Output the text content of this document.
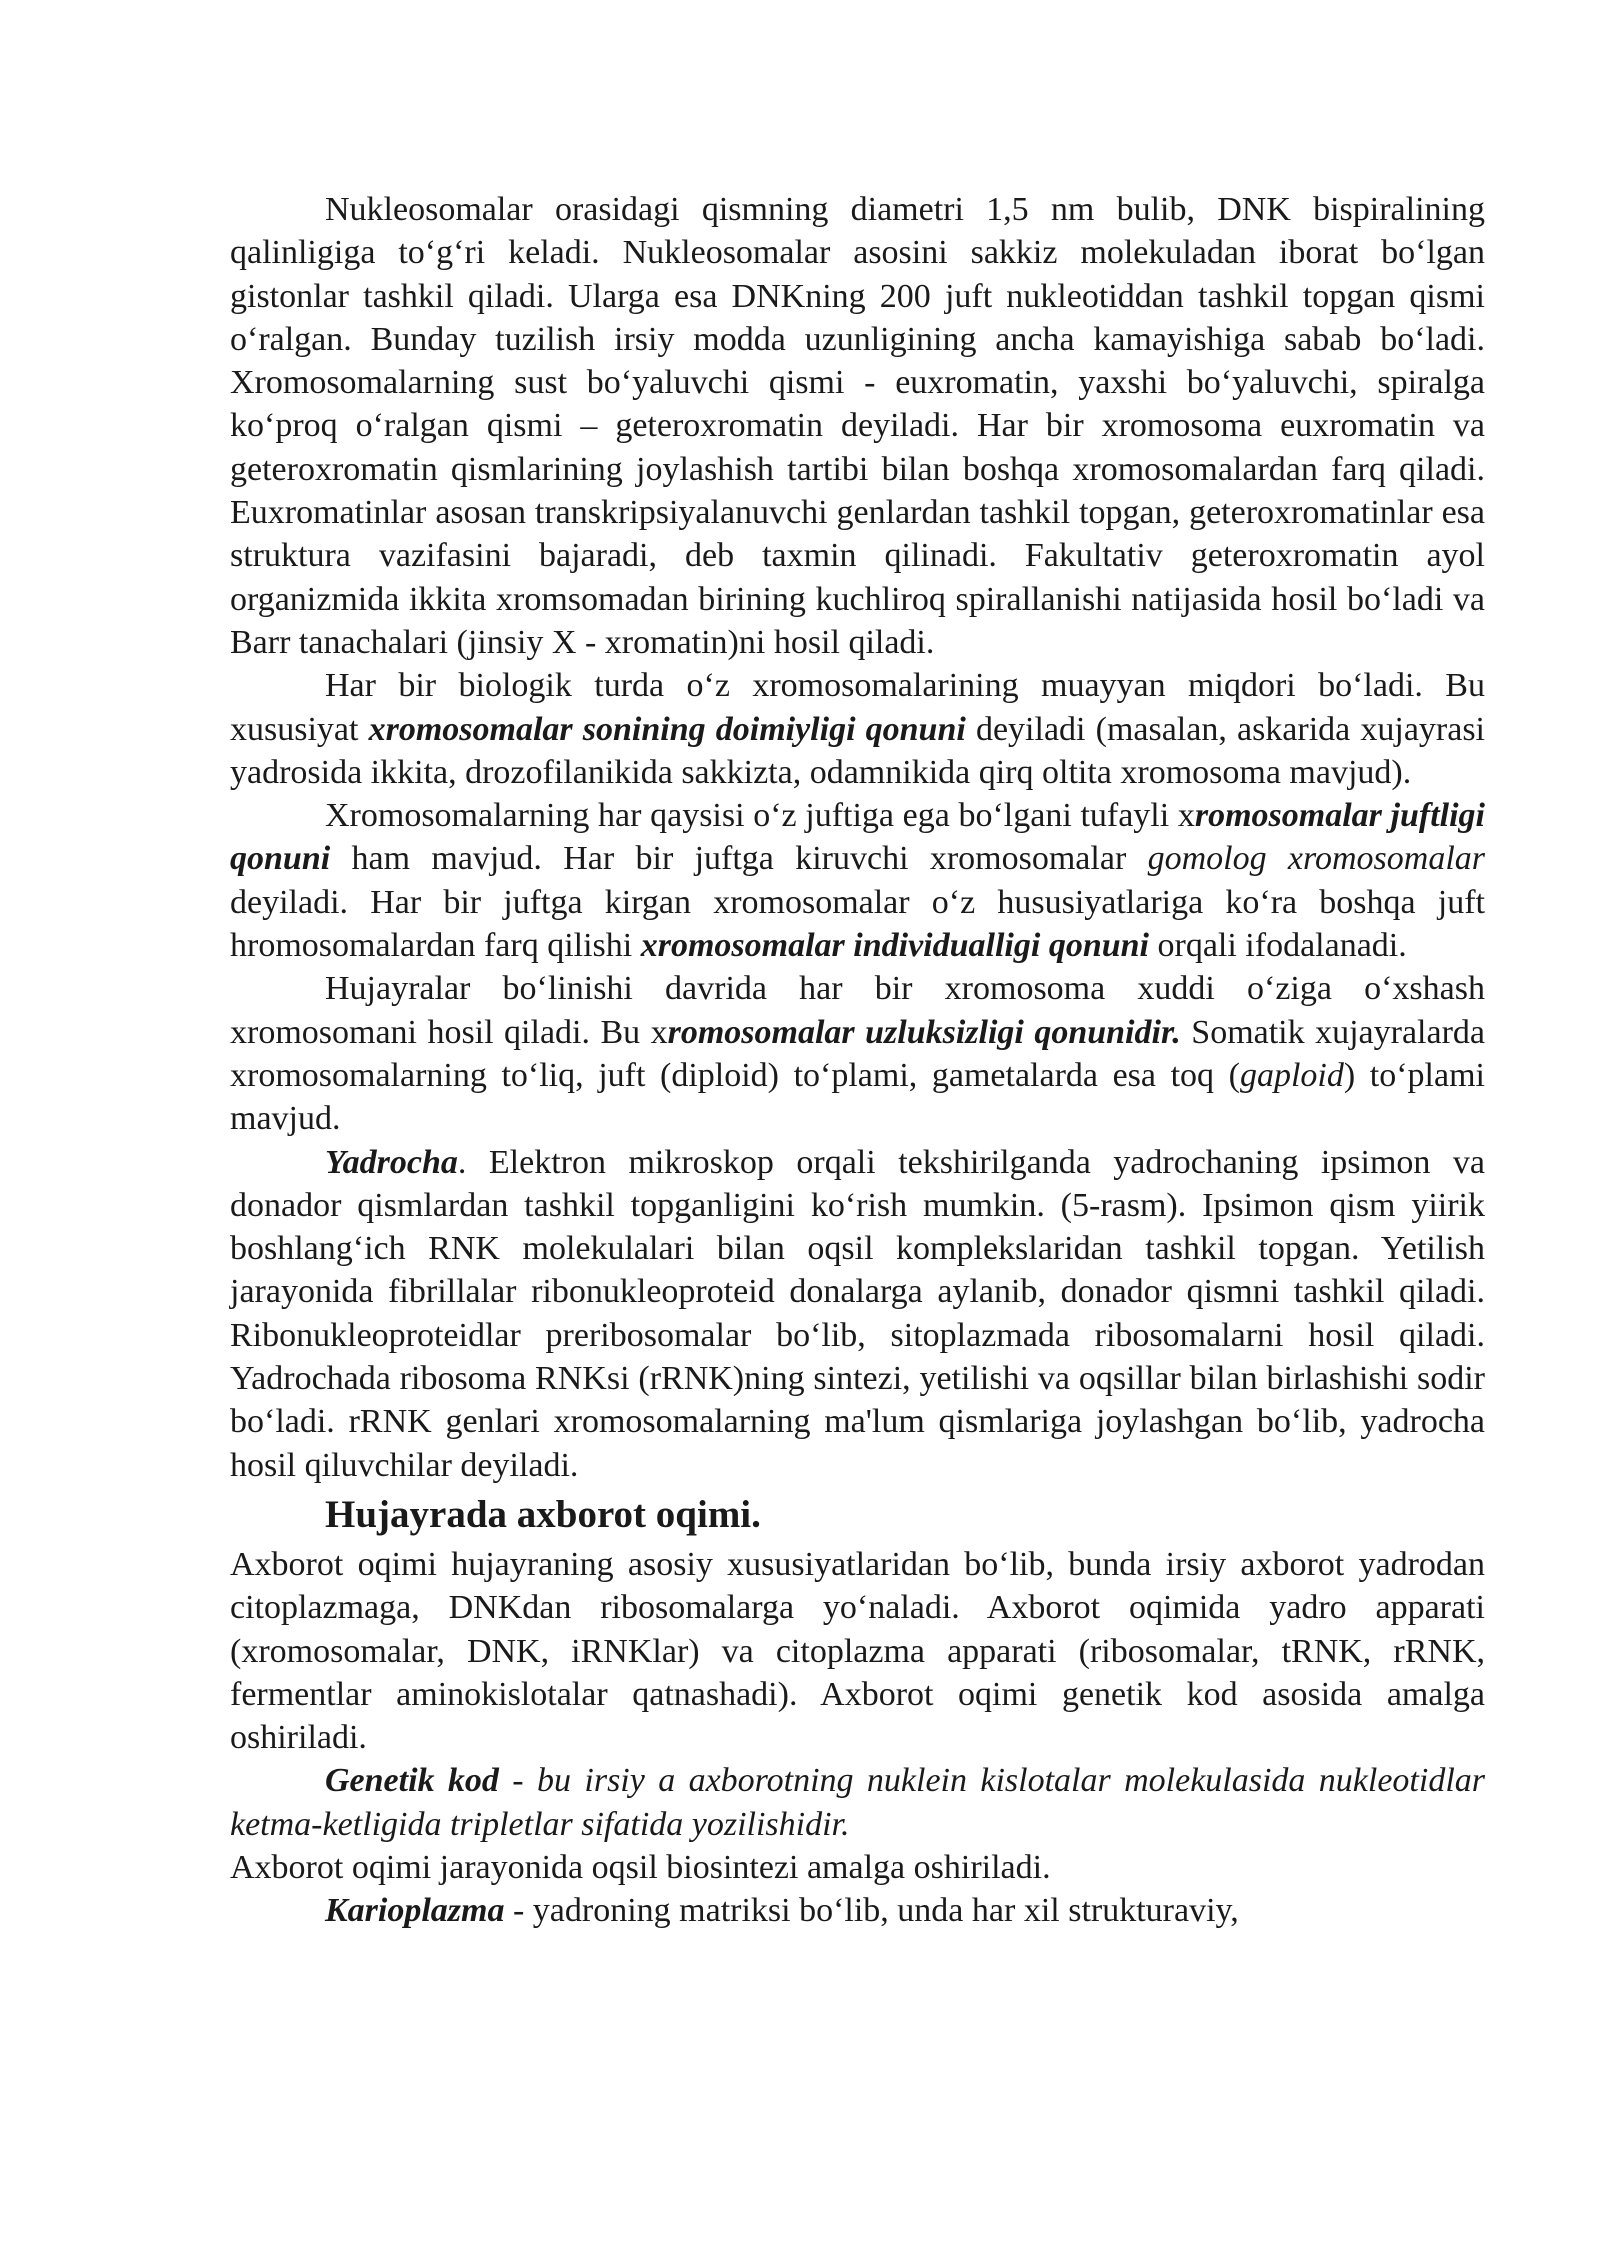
Nukleosomalar orasidagi qismning diametri 1,5 nm bulib, DNK bispiralining qalinligiga to‘g‘ri keladi. Nukleosomalar asosini sakkiz molekuladan iborat bo‘lgan gistonlar tashkil qiladi. Ularga esa DNKning 200 juft nukleotiddan tashkil topgan qismi o‘ralgan. Bunday tuzilish irsiy modda uzunligining ancha kamayishiga sabab bo‘ladi. Xromosomalarning sust bo‘yaluvchi qismi - euxromatin, yaxshi bo‘yaluvchi, spiralga ko‘proq o‘ralgan qismi – geteroxromatin deyiladi. Har bir xromosoma euxromatin va geteroxromatin qismlarining joylashish tartibi bilan boshqa xromosomalardan farq qiladi. Euxromatinlar asosan transkripsiyalanuvchi genlardan tashkil topgan, geteroxromatinlar esa struktura vazifasini bajaradi, deb taxmin qilinadi. Fakultativ geteroxromatin ayol organizmida ikkita xromsomadan birining kuchliroq spirallanishi natijasida hosil bo‘ladi va Barr tanachalari (jinsiy X - xromatin)ni hosil qiladi.

Har bir biologik turda o‘z xromosomalarining muayyan miqdori bo‘ladi. Bu xususiyat xromosomalar sonining doimiyligi qonuni deyiladi (masalan, askarida xujayrasi yadrosida ikkita, drozofilanikida sakkizta, odamnikida qirq oltita xromosoma mavjud).

Xromosomalarning har qaysisi o‘z juftiga ega bo‘lgani tufayli xromosomalar juftligi qonuni ham mavjud. Har bir juftga kiruvchi xromosomalar gomolog xromosomalar deyiladi. Har bir juftga kirgan xromosomalar o‘z hususiyatlariga ko‘ra boshqa juft hromosomalardan farq qilishi xromosomalar individualligi qonuni orqali ifodalanadi.

Hujayralar bo‘linishi davrida har bir xromosoma xuddi o‘ziga o‘xshash xromosomani hosil qiladi. Bu xromosomalar uzluksizligi qonunidir. Somatik xujayralarda xromosomalarning to‘liq, juft (diploid) to‘plami, gametalarda esa toq (gaploid) to‘plami mavjud.

Yadrocha. Elektron mikroskop orqali tekshirilganda yadrochaning ipsimon va donador qismlardan tashkil topganligini ko‘rish mumkin. (5-rasm). Ipsimon qism yiirik boshlang‘ich RNK molekulalari bilan oqsil komplekslaridan tashkil topgan. Yetilish jarayonida fibrillalar ribonukleoproteid donalarga aylanib, donador qismni tashkil qiladi. Ribonukleoproteidlar preribosomalar bo‘lib, sitoplazmada ribosomalarni hosil qiladi. Yadrochada ribosoma RNKsi (rRNK)ning sintezi, yetilishi va oqsillar bilan birlashishi sodir bo‘ladi. rRNK genlari xromosomalarning ma'lum qismlariga joylashgan bo‘lib, yadrocha hosil qiluvchilar deyiladi.

Hujayrada axborot oqimi.

Axborot oqimi hujayraning asosiy xususiyatlaridan bo‘lib, bunda irsiy axborot yadrodan citoplazmaga, DNKdan ribosomalarga yo‘naladi. Axborot oqimida yadro apparati (xromosomalar, DNK, iRNKlar) va citoplazma apparati (ribosomalar, tRNK, rRNK, fermentlar aminokislotalar qatnashadi). Axborot oqimi genetik kod asosida amalga oshiriladi.

Genetik kod - bu irsiy a axborotning nuklein kislotalar molekulasida nukleotidlar ketma-ketligida tripletlar sifatida yozilishidir.

Axborot oqimi jarayonida oqsil biosintezi amalga oshiriladi.

Karioplazma - yadroning matriksi bo‘lib, unda har xil strukturaviy,
